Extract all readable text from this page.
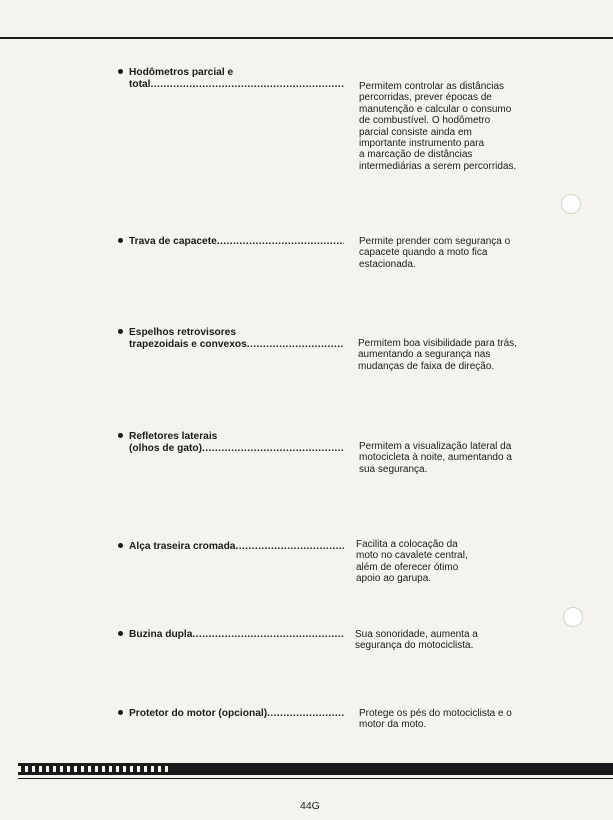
Hodômetros parcial e
total .....	Permitem controlar as distâncias
percorridas, prever épocas de
manutenção e calcular o consumo
de combustível. O hodômetro
parcial consiste ainda em
importante instrumento para
a marcação de distâncias
intermediárias a serem percorridas.
Trava de capacete .....	Permite prender com segurança o
capacete quando a moto fica
estacionada.
Espelhos retrovisores
trapezoidais e convexos .....	Permitem boa visibilidade para trás,
aumentando a segurança nas
mudanças de faixa de direção.
Refletores laterais
(olhos de gato) .....	Permitem a visualização lateral da
motocicleta à noite, aumentando a
sua segurança.
Alça traseira cromada .....	Facilita a colocação da
moto no cavalete central,
além de oferecer ótimo
apoio ao garupa.
Buzina dupla .....	Sua sonoridade, aumenta a
segurança do motociclista.
Protetor do motor (opcional) .....	Protege os pés do motociclista e o
motor da moto.
44G
